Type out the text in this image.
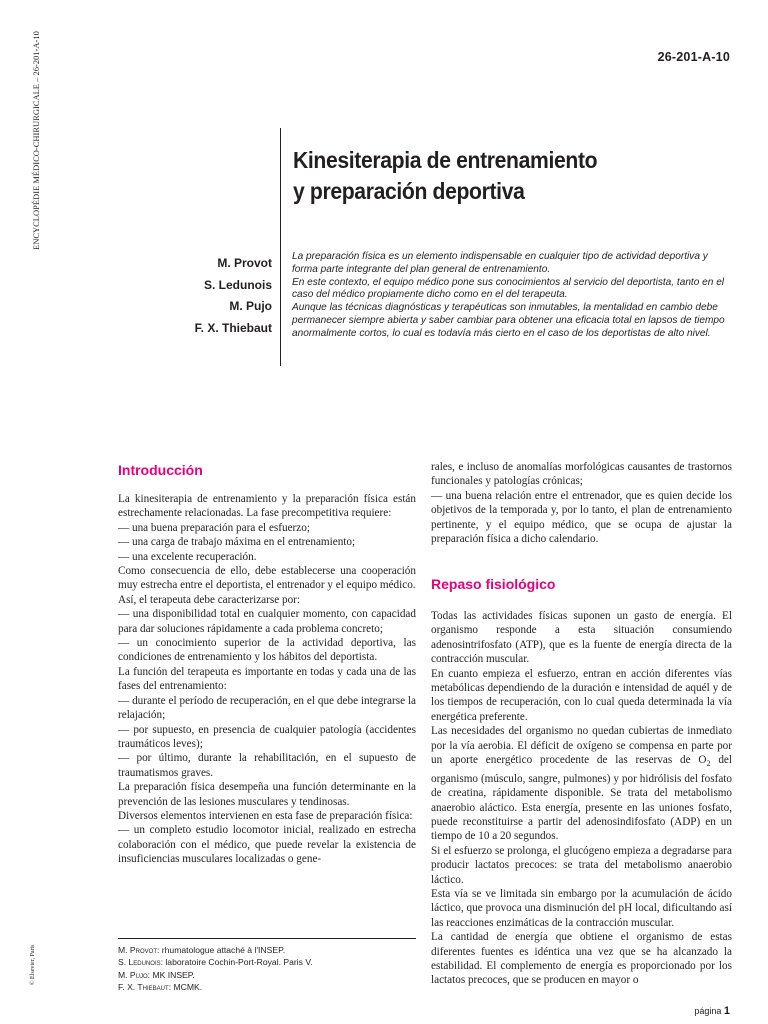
26-201-A-10
ENCYCLOPÉDIE MÉDICO-CHIRURGICALE – 26-201-A-10
© Elsevier, Paris
Kinesiterapia de entrenamiento
y preparación deportiva
M. Provot
S. Ledunois
M. Pujo
F. X. Thiebaut

La preparación física es un elemento indispensable en cualquier tipo de actividad deportiva y forma parte integrante del plan general de entrenamiento.

En este contexto, el equipo médico pone sus conocimientos al servicio del deportista, tanto en el caso del médico propiamente dicho como en el del terapeuta.

Aunque las técnicas diagnósticas y terapéuticas son inmutables, la mentalidad en cambio debe permanecer siempre abierta y saber cambiar para obtener una eficacia total en lapsos de tiempo anormalmente cortos, lo cual es todavía más cierto en el caso de los deportistas de alto nivel.

Introducción

La kinesiterapia de entrenamiento y la preparación física están estrechamente relacionadas. La fase precompetitiva requiere:

— una buena preparación para el esfuerzo;

— una carga de trabajo máxima en el entrenamiento;

— una excelente recuperación.

Como consecuencia de ello, debe establecerse una cooperación muy estrecha entre el deportista, el entrenador y el equipo médico.

Así, el terapeuta debe caracterizarse por:

— una disponibilidad total en cualquier momento, con capacidad para dar soluciones rápidamente a cada problema concreto;

— un conocimiento superior de la actividad deportiva, las condiciones de entrenamiento y los hábitos del deportista.

La función del terapeuta es importante en todas y cada una de las fases del entrenamiento:

— durante el período de recuperación, en el que debe integrarse la relajación;

— por supuesto, en presencia de cualquier patología (accidentes traumáticos leves);

— por último, durante la rehabilitación, en el supuesto de traumatismos graves.

La preparación física desempeña una función determinante en la prevención de las lesiones musculares y tendinosas.

Diversos elementos intervienen en esta fase de preparación física:

— un completo estudio locomotor inicial, realizado en estrecha colaboración con el médico, que puede revelar la existencia de insuficiencias musculares localizadas o gene-

rales, e incluso de anomalías morfológicas causantes de trastornos funcionales y patologías crónicas;

— una buena relación entre el entrenador, que es quien decide los objetivos de la temporada y, por lo tanto, el plan de entrenamiento pertinente, y el equipo médico, que se ocupa de ajustar la preparación física a dicho calendario.

Repaso fisiológico

Todas las actividades físicas suponen un gasto de energía. El organismo responde a esta situación consumiendo adenosintrifosfato (ATP), que es la fuente de energía directa de la contracción muscular.

En cuanto empieza el esfuerzo, entran en acción diferentes vías metabólicas dependiendo de la duración e intensidad de aquél y de los tiempos de recuperación, con lo cual queda determinada la vía energética preferente.

Las necesidades del organismo no quedan cubiertas de inmediato por la vía aerobia. El déficit de oxígeno se compensa en parte por un aporte energético procedente de las reservas de $O_2$ del organismo (músculo, sangre, pulmones) y por hidrólisis del fosfato de creatina, rápidamente disponible. Se trata del metabolismo anaerobio aláctico. Esta energía, presente en las uniones fosfato, puede reconstituirse a partir del adenosindifosfato (ADP) en un tiempo de 10 a 20 segundos.

Si el esfuerzo se prolonga, el glucógeno empieza a degradarse para producir lactatos precoces: se trata del metabolismo anaerobio láctico.

Esta vía se ve limitada sin embargo por la acumulación de ácido láctico, que provoca una disminución del pH local, dificultando así las reacciones enzimáticas de la contracción muscular.

La cantidad de energía que obtiene el organismo de estas diferentes fuentes es idéntica una vez que se ha alcanzado la estabilidad. El complemento de energía es proporcionado por los lactatos precoces, que se producen en mayor o

M. Provot: rhumatologue attaché à l'INSEP.
S. Ledunois: laboratoire Cochin-Port-Royal. Paris V.
M. Pujo: MK INSEP.
F. X. Thiebaut: MCMK.
página 1
